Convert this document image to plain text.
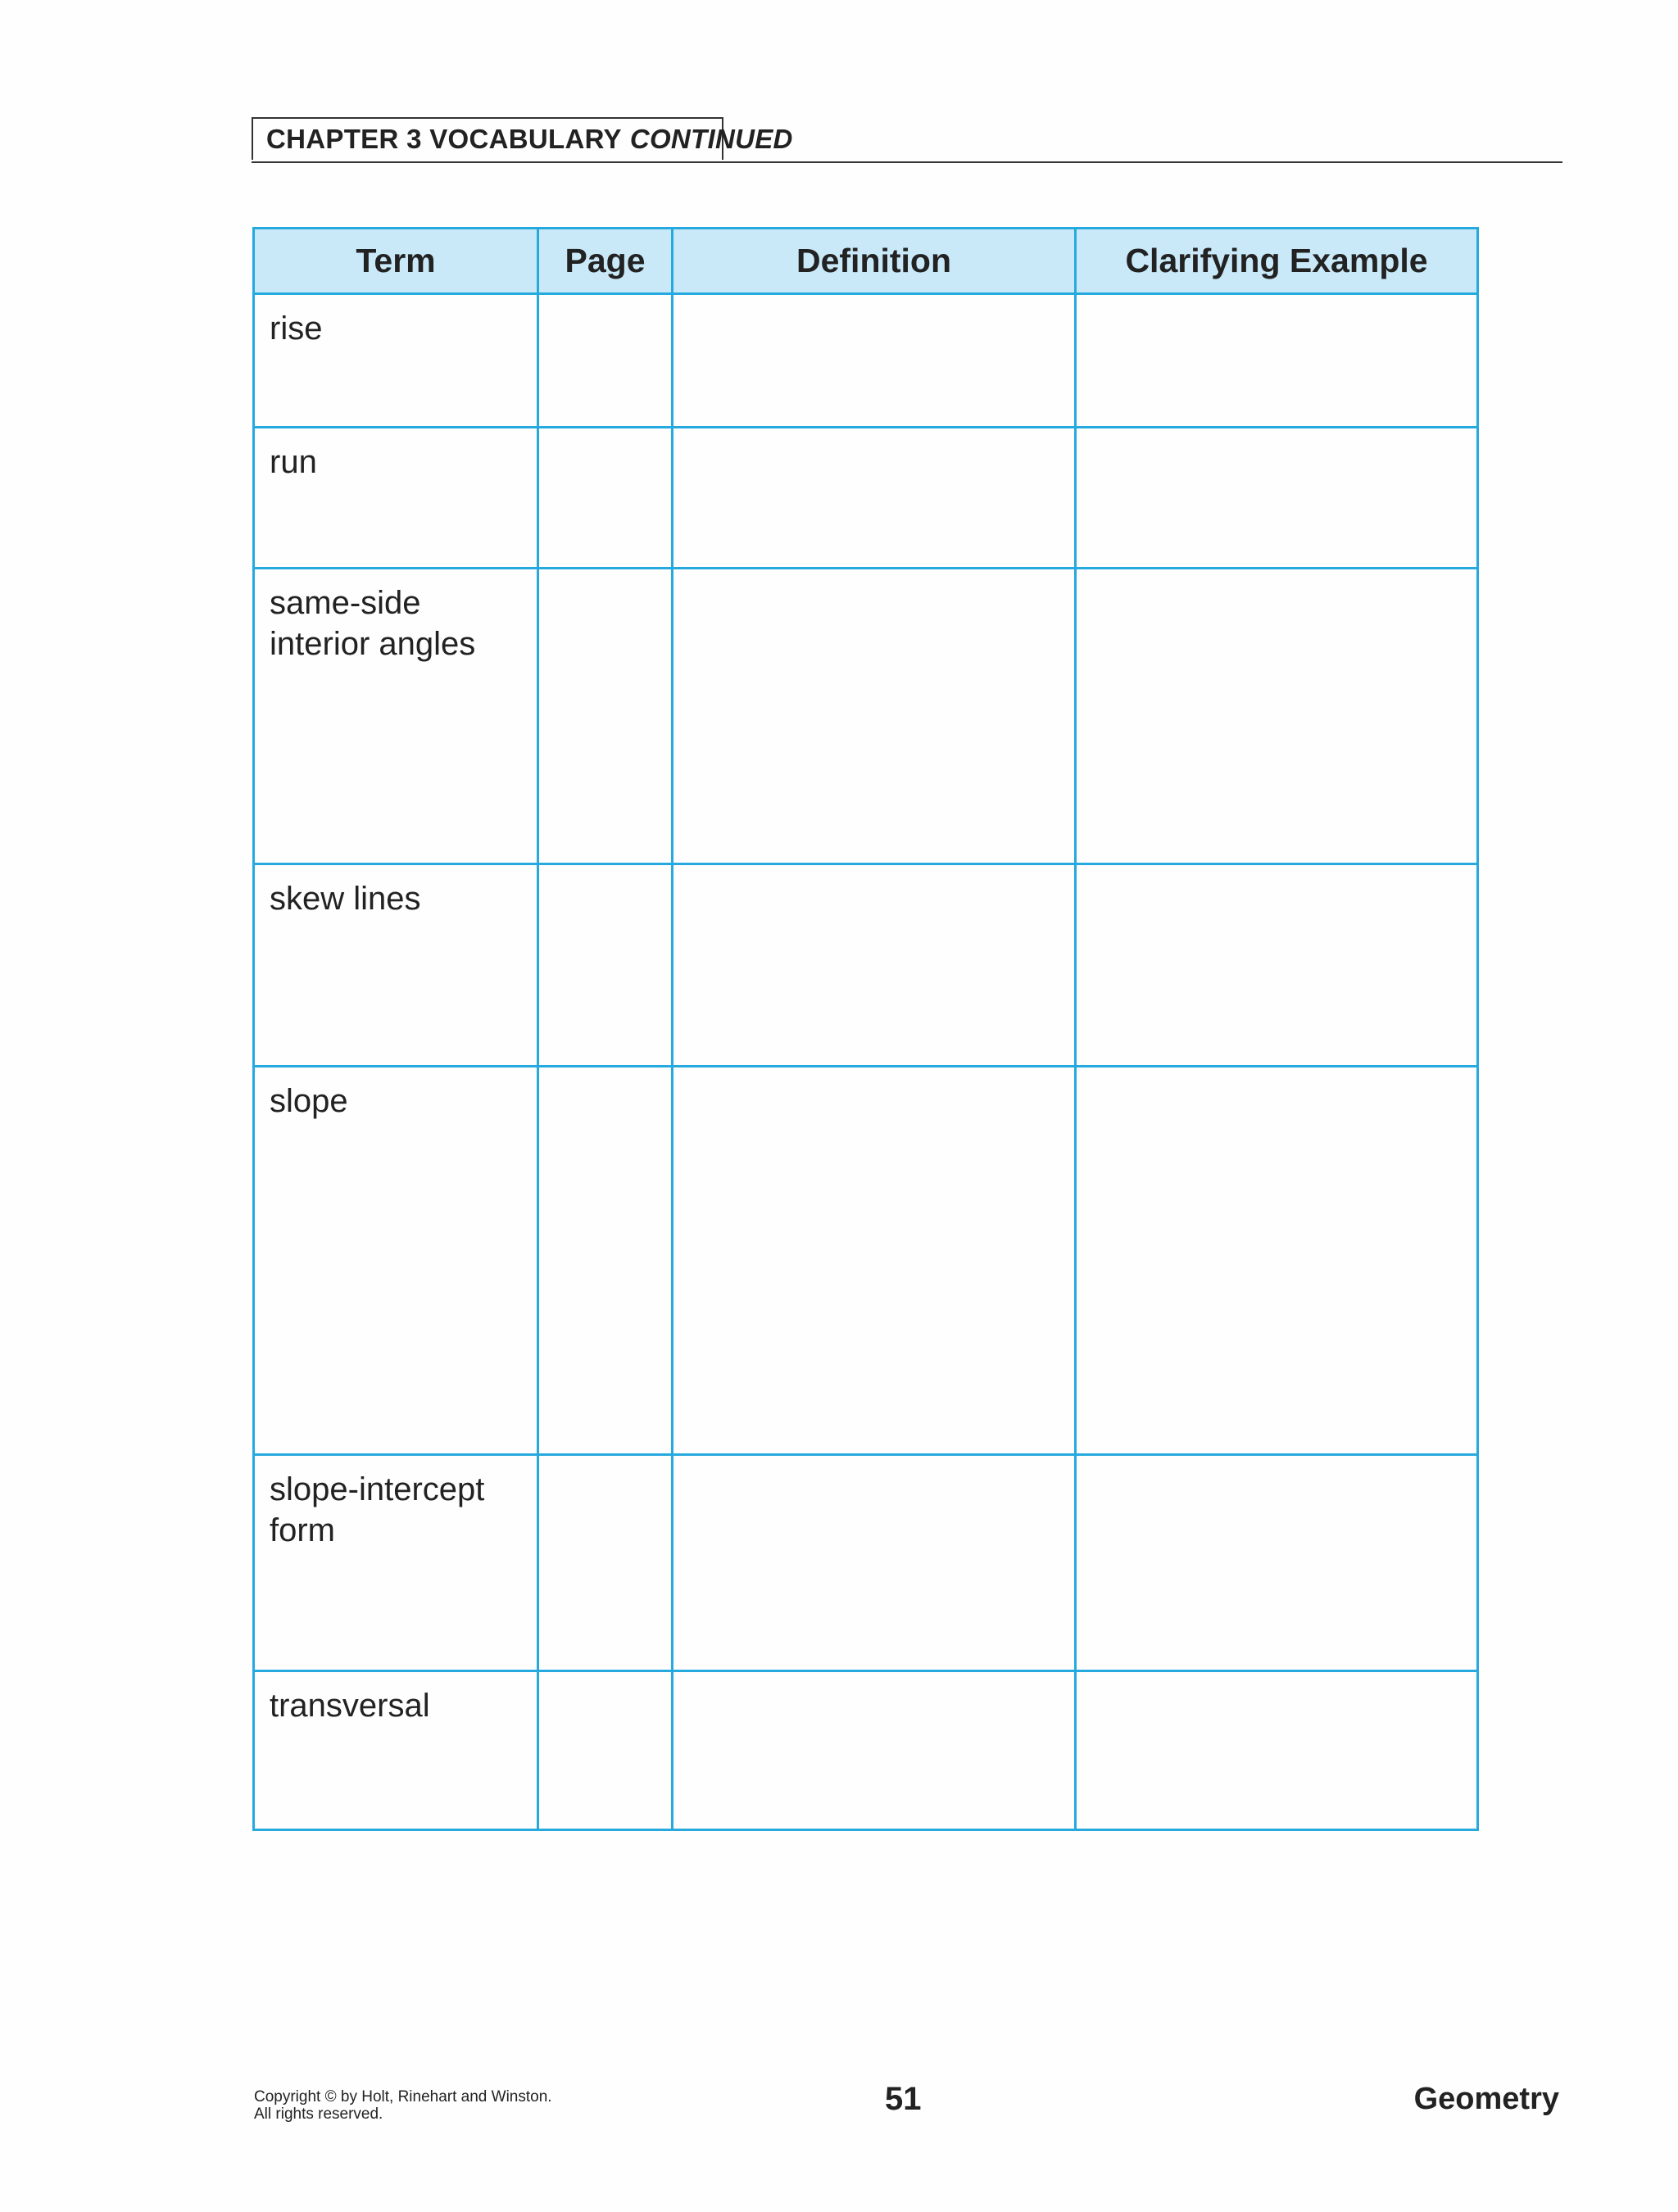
CHAPTER 3 VOCABULARY CONTINUED
Term	Page	Definition	Clarifying Example

rise			

run			

same-side
interior angles			

skew lines			

slope			

slope-intercept
form			

transversal			

Copyright © by Holt, Rinehart and Winston.
All rights reserved.	51	Geometry
